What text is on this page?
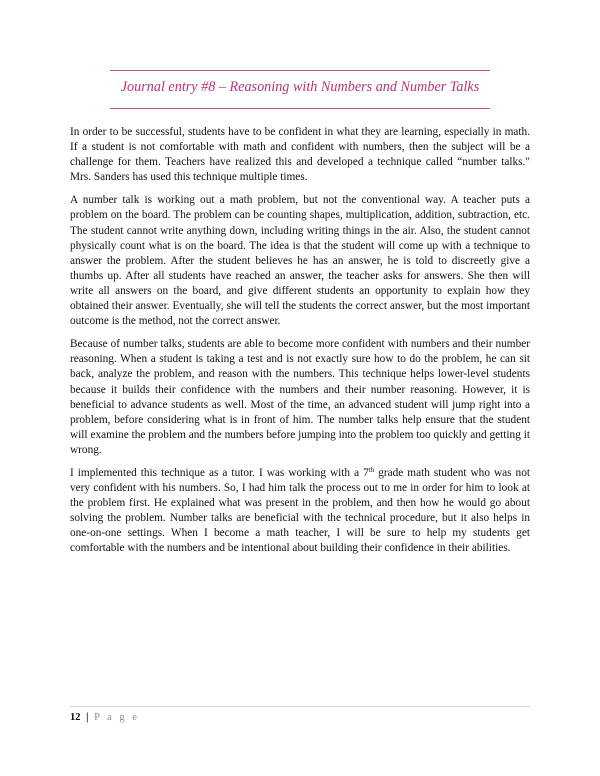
Journal entry #8 – Reasoning with Numbers and Number Talks

In order to be successful, students have to be confident in what they are learning, especially in math. If a student is not comfortable with math and confident with numbers, then the subject will be a challenge for them. Teachers have realized this and developed a technique called “number talks." Mrs. Sanders has used this technique multiple times.

A number talk is working out a math problem, but not the conventional way. A teacher puts a problem on the board. The problem can be counting shapes, multiplication, addition, subtraction, etc. The student cannot write anything down, including writing things in the air. Also, the student cannot physically count what is on the board. The idea is that the student will come up with a technique to answer the problem. After the student believes he has an answer, he is told to discreetly give a thumbs up. After all students have reached an answer, the teacher asks for answers. She then will write all answers on the board, and give different students an opportunity to explain how they obtained their answer. Eventually, she will tell the students the correct answer, but the most important outcome is the method, not the correct answer.

Because of number talks, students are able to become more confident with numbers and their number reasoning. When a student is taking a test and is not exactly sure how to do the problem, he can sit back, analyze the problem, and reason with the numbers. This technique helps lower-level students because it builds their confidence with the numbers and their number reasoning. However, it is beneficial to advance students as well. Most of the time, an advanced student will jump right into a problem, before considering what is in front of him. The number talks help ensure that the student will examine the problem and the numbers before jumping into the problem too quickly and getting it wrong.

I implemented this technique as a tutor. I was working with a 7th grade math student who was not very confident with his numbers. So, I had him talk the process out to me in order for him to look at the problem first. He explained what was present in the problem, and then how he would go about solving the problem. Number talks are beneficial with the technical procedure, but it also helps in one-on-one settings. When I become a math teacher, I will be sure to help my students get comfortable with the numbers and be intentional about building their confidence in their abilities.

12 | P a g e
